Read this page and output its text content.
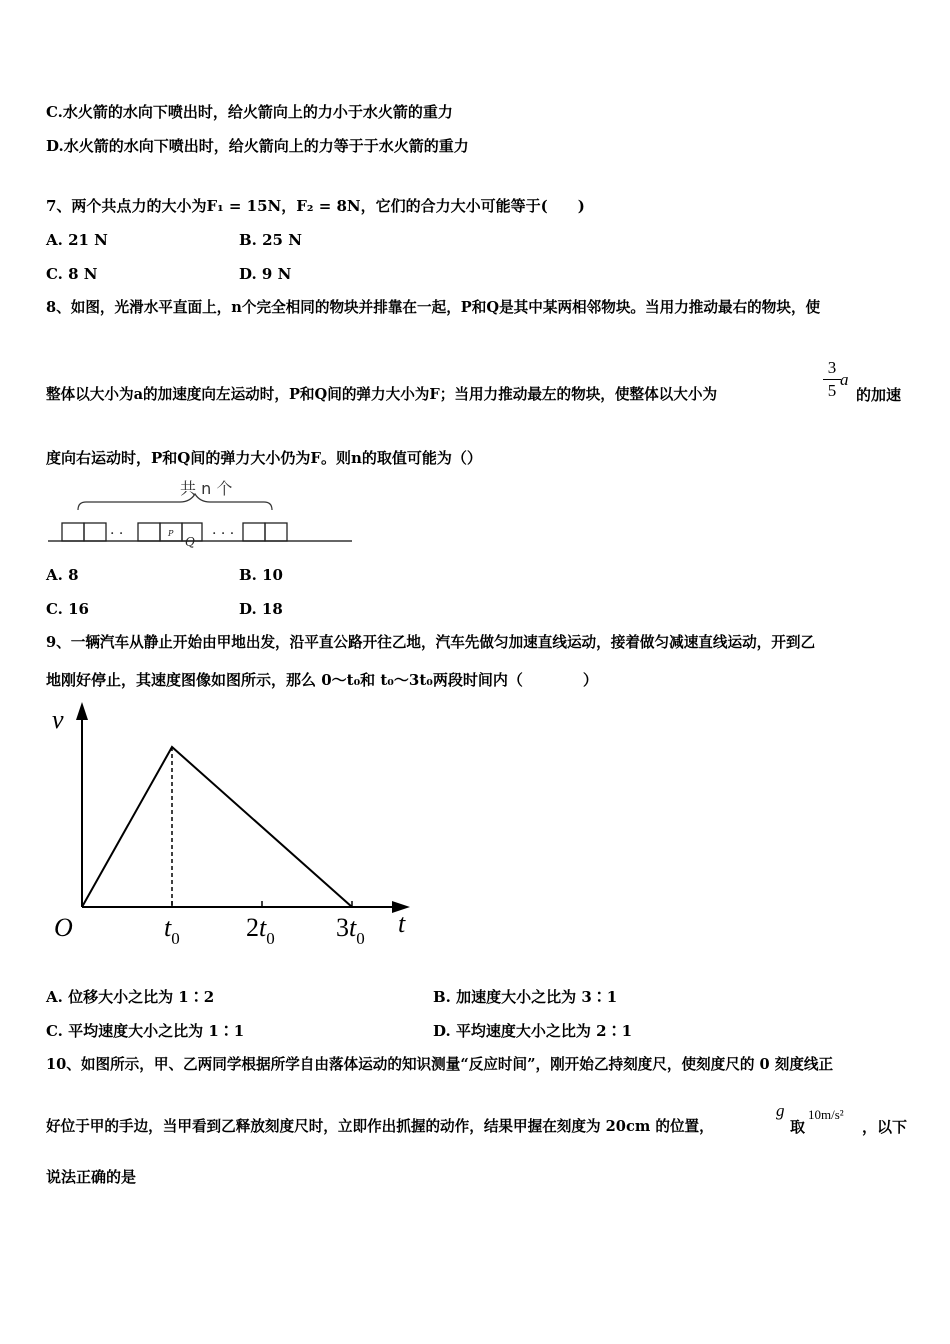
C.水火箭的水向下喷出时，给火箭向上的力小于水火箭的重力
D.水火箭的水向下喷出时，给火箭向上的力等于于水火箭的重力
7、两个共点力的大小为F₁ = 15N，F₂ = 8N，它们的合力大小可能等于(　　)
A. 21 N	B. 25 N
C. 8 N	D. 9 N
8、如图，光滑水平直面上，n个完全相同的物块并排靠在一起，P和Q是其中某两相邻物块。当用力推动最右的物块，使
整体以大小为a的加速度向左运动时，P和Q间的弹力大小为F；当用力推动最左的物块，使整体以大小为
3
5
a
的加速
度向右运动时，P和Q间的弹力大小仍为F。则n的取值可能为（）
共 n 个
· ·	P
Q · · ·
A. 8	B. 10
C. 16	D. 18
9、一辆汽车从静止开始由甲地出发，沿平直公路开往乙地，汽车先做匀加速直线运动，接着做匀减速直线运动，开到乙
地刚好停止，其速度图像如图所示，那么 0～t₀和 t₀～3t₀两段时间内（　　　　）
v
t
O	$t_0$	$2t_0$ $3t_0$
A. 位移大小之比为 1∶2	B. 加速度大小之比为 3∶1
C. 平均速度大小之比为 1∶1	D. 平均速度大小之比为 2∶1
10、如图所示，甲、乙两同学根据所学自由落体运动的知识测量“反应时间”，刚开始乙持刻度尺，使刻度尺的 0 刻度线正
好位于甲的手边，当甲看到乙释放刻度尺时，立即作出抓握的动作，结果甲握在刻度为 20cm 的位置，
g
取
10m/s²
，以下
说法正确的是
